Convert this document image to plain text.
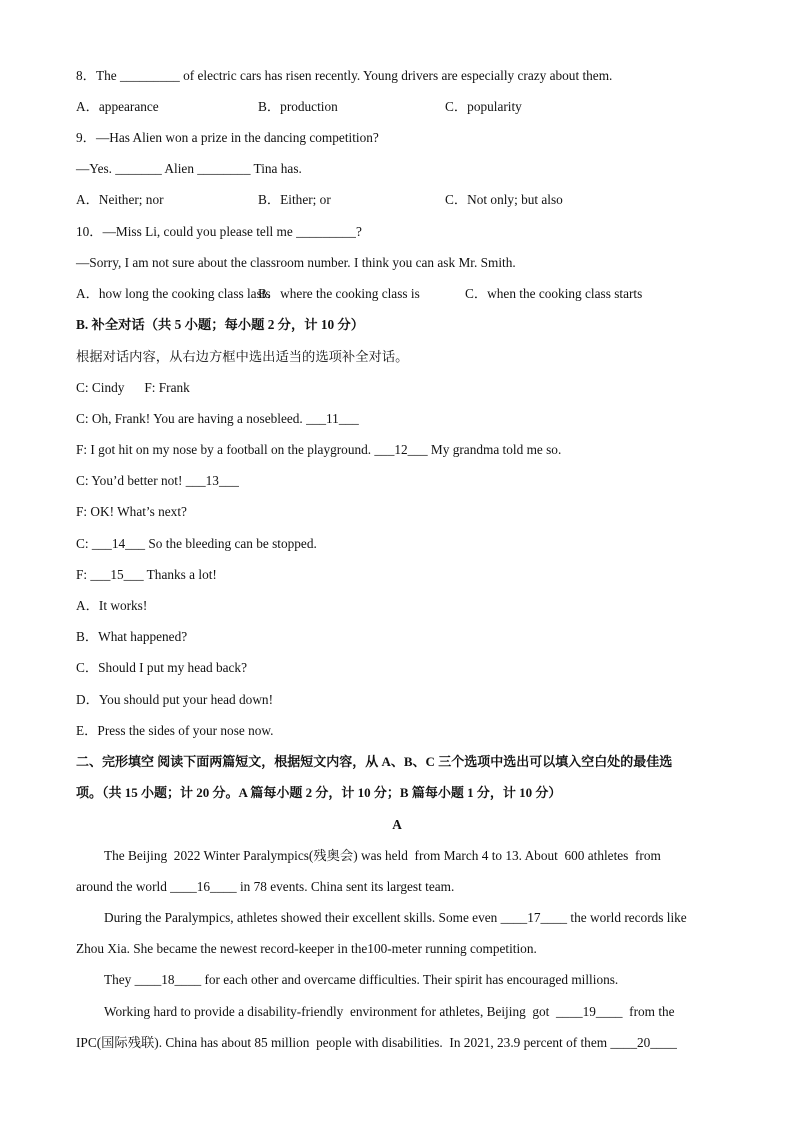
8．The _________ of electric cars has risen recently. Young drivers are especially crazy about them.
A．appearance	B．production	C．popularity
9．—Has Alien won a prize in the dancing competition?
—Yes. _______ Alien ________ Tina has.
A．Neither; nor	B．Either; or	C．Not only; but also
10．—Miss Li, could you please tell me _________?
—Sorry, I am not sure about the classroom number. I think you can ask Mr. Smith.
A．how long the cooking class lasts
B．where the cooking class is	C．when the cooking class starts
B. 补全对话（共 5 小题；每小题 2 分，计 10 分）
根据对话内容，从右边方框中选出适当的选项补全对话。
C: Cindy      F: Frank
C: Oh, Frank! You are having a nosebleed. ___11___
F: I got hit on my nose by a football on the playground. ___12___ My grandma told me so.
C: You’d better not! ___13___
F: OK! What’s next?
C: ___14___ So the bleeding can be stopped.
F: ___15___ Thanks a lot!
A．It works!
B．What happened?
C．Should I put my head back?
D．You should put your head down!
E．Press the sides of your nose now.
二、完形填空 阅读下面两篇短文，根据短文内容，从 A、B、C 三个选项中选出可以填入空白处的最佳选
项。（共 15 小题；计 20 分。A 篇每小题 2 分，计 10 分；B 篇每小题 1 分，计 10 分）
A
The Beijing  2022 Winter Paralympics(残奥会) was held  from March 4 to 13. About  600 athletes  from
around the world ____16____ in 78 events. China sent its largest team.
During the Paralympics, athletes showed their excellent skills. Some even ____17____ the world records like
Zhou Xia. She became the newest record-keeper in the100-meter running competition.
They ____18____ for each other and overcame difficulties. Their spirit has encouraged millions.
Working hard to provide a disability-friendly  environment for athletes, Beijing  got  ____19____  from the
IPC(国际残联). China has about 85 million  people with disabilities.  In 2021, 23.9 percent of them ____20____
